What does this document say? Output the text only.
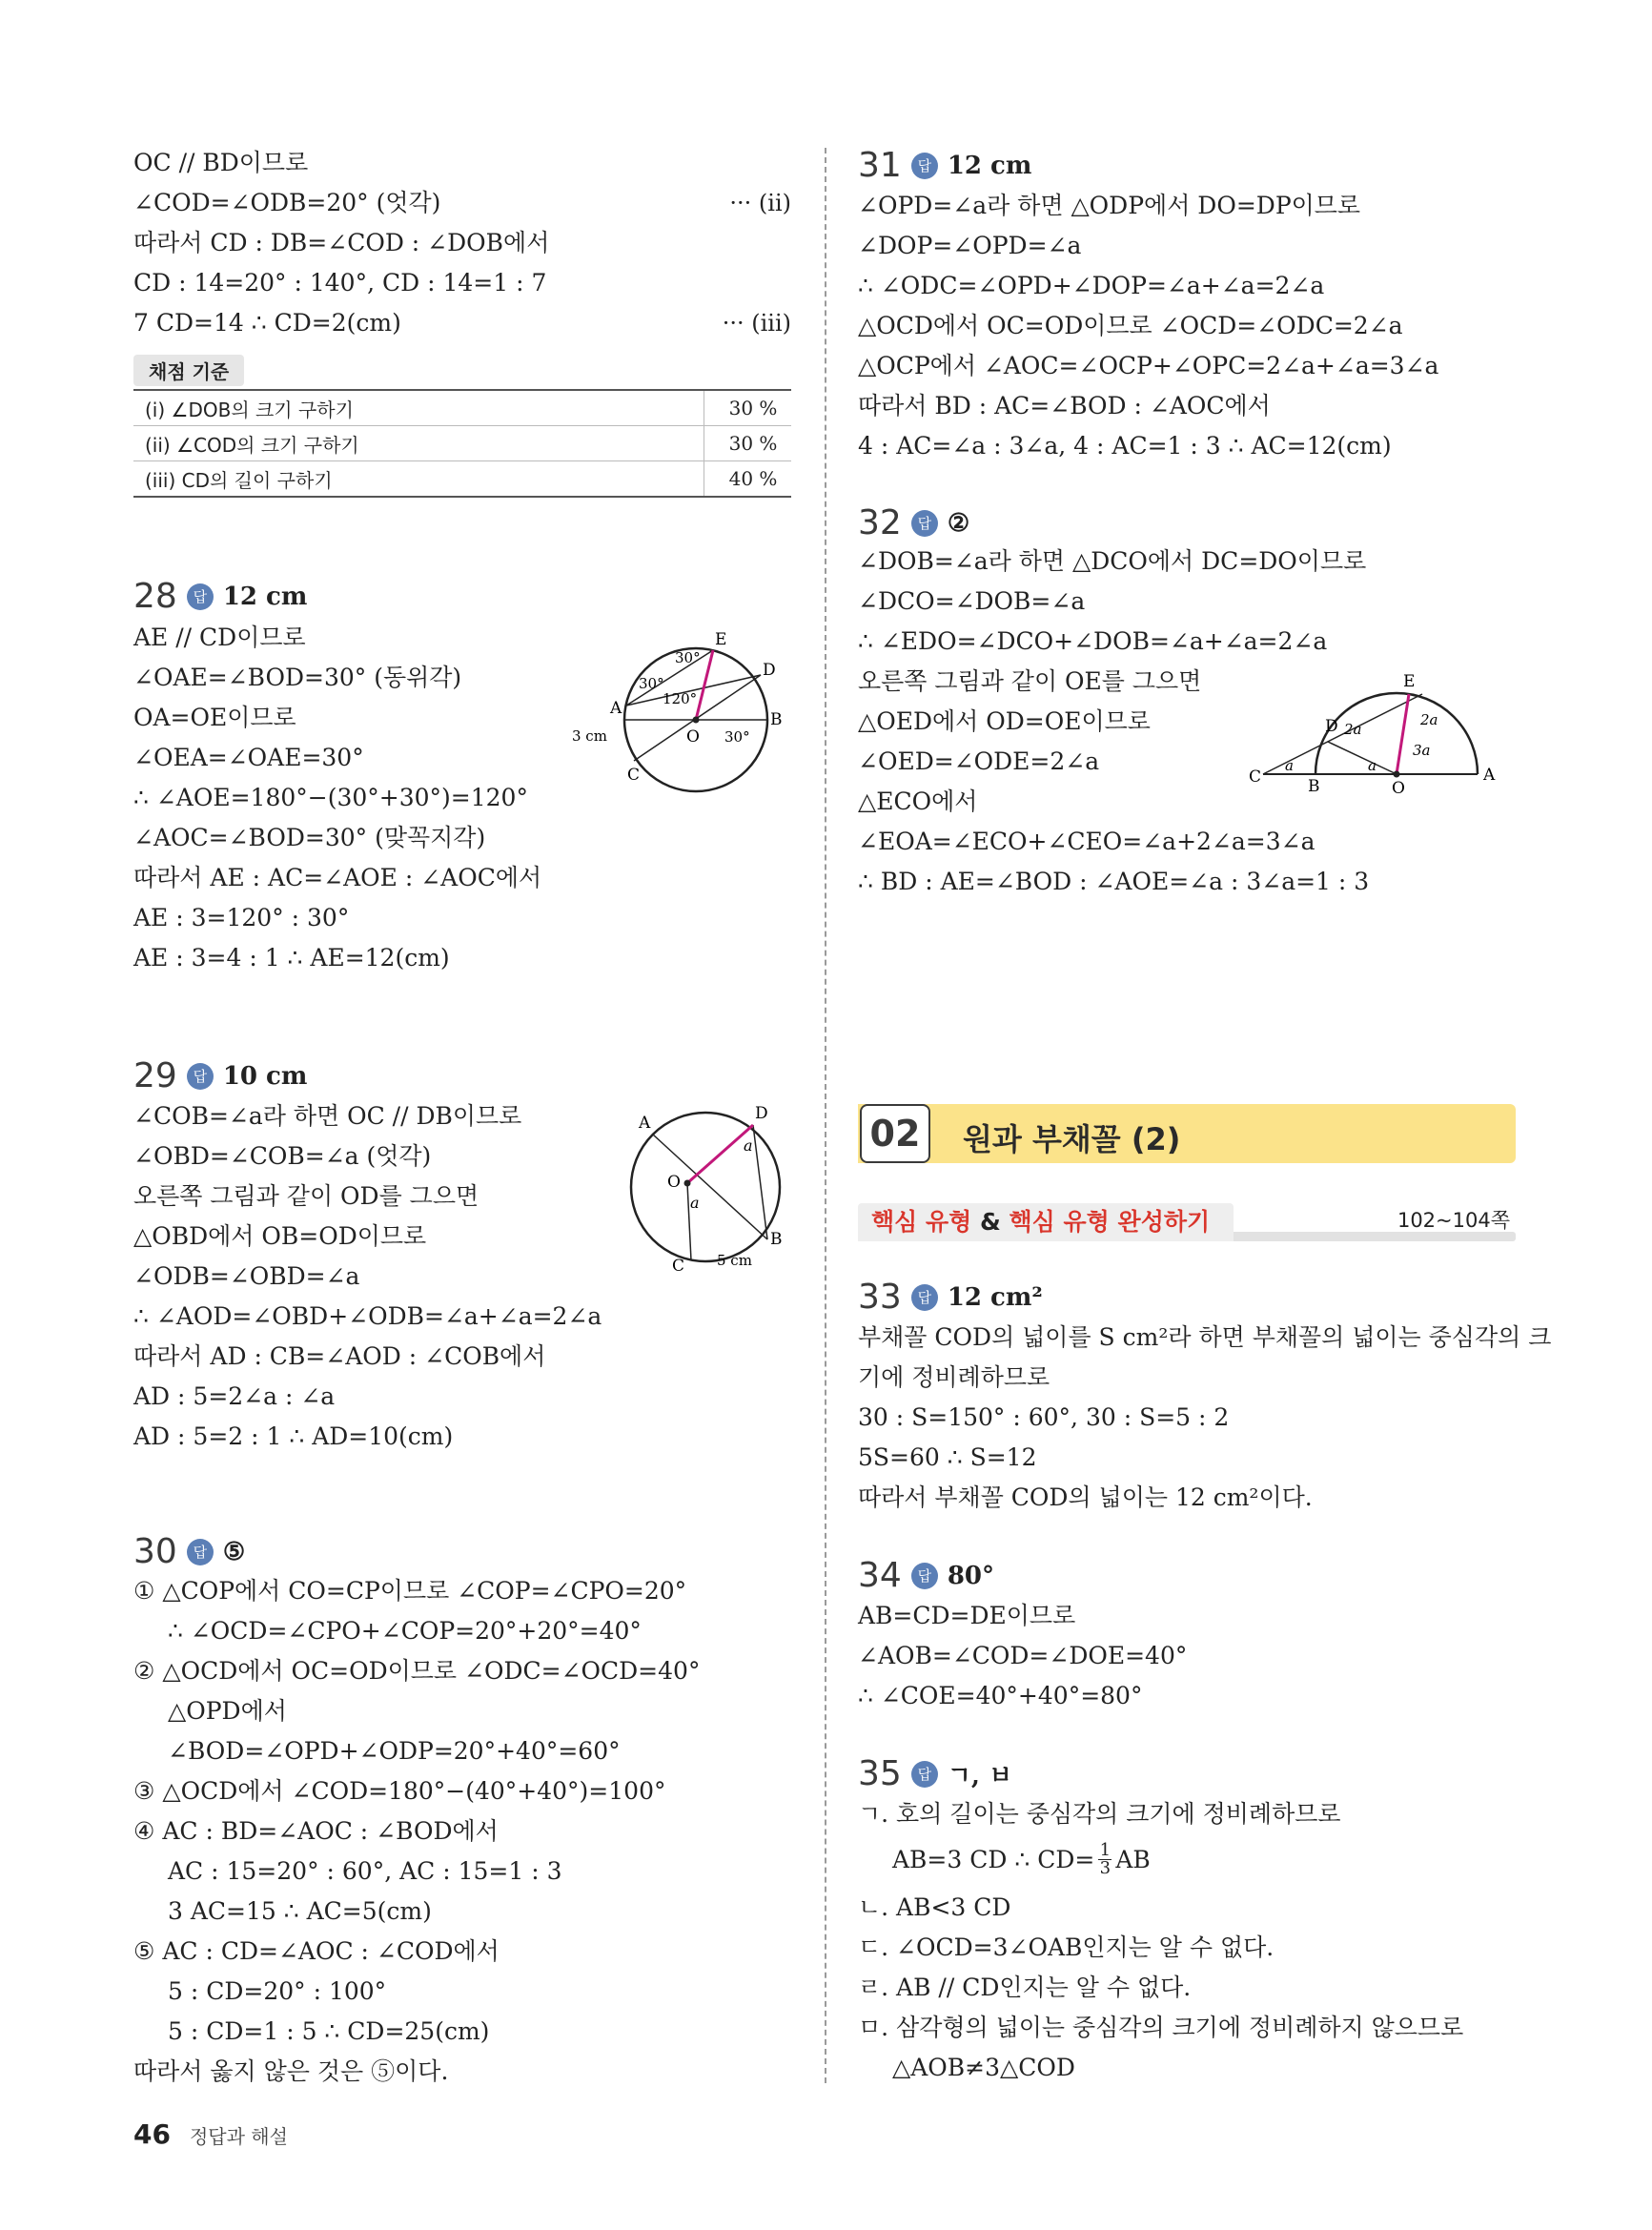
OC // BD이므로
∠COD=∠ODB=20° (엇각)	··· (ii)
따라서 CD : DB=∠COD : ∠DOB에서
CD : 14=20° : 140°, CD : 14=1 : 7
7 CD=14 ∴ CD=2(cm)	··· (iii)
채점 기준
(i) ∠DOB의 크기 구하기	30 %
(ii) ∠COD의 크기 구하기	30 %
(iii) CD의 길이 구하기	40 %
28	답 12 cm
AE // CD이므로
∠OAE=∠BOD=30° (동위각)
OA=OE이므로
∠OEA=∠OAE=30°
∴ ∠AOE=180°−(30°+30°)=120°
∠AOC=∠BOD=30° (맞꼭지각)
따라서 AE : AC=∠AOE : ∠AOC에서
AE : 3=120° : 30°
AE : 3=4 : 1 ∴ AE=12(cm)
E
D
A
B
O
C
30°
30°
120°
30°
3 cm
29	답 10 cm
∠COB=∠a라 하면 OC // DB이므로
∠OBD=∠COB=∠a (엇각)
오른쪽 그림과 같이 OD를 그으면
△OBD에서 OB=OD이므로
∠ODB=∠OBD=∠a
∴ ∠AOD=∠OBD+∠ODB=∠a+∠a=2∠a
따라서 AD : CB=∠AOD : ∠COB에서
AD : 5=2∠a : ∠a
AD : 5=2 : 1 ∴ AD=10(cm)
A	D
O
B
C
a
a
5 cm
30	답 ⑤
① △COP에서 CO=CP이므로 ∠COP=∠CPO=20°
∴ ∠OCD=∠CPO+∠COP=20°+20°=40°
② △OCD에서 OC=OD이므로 ∠ODC=∠OCD=40°
△OPD에서
∠BOD=∠OPD+∠ODP=20°+40°=60°
③ △OCD에서 ∠COD=180°−(40°+40°)=100°
④ AC : BD=∠AOC : ∠BOD에서
AC : 15=20° : 60°, AC : 15=1 : 3
3 AC=15 ∴ AC=5(cm)
⑤ AC : CD=∠AOC : ∠COD에서
5 : CD=20° : 100°
5 : CD=1 : 5 ∴ CD=25(cm)
따라서 옳지 않은 것은 ⑤이다.
31	답 12 cm
∠OPD=∠a라 하면 △ODP에서 DO=DP이므로
∠DOP=∠OPD=∠a
∴ ∠ODC=∠OPD+∠DOP=∠a+∠a=2∠a
△OCD에서 OC=OD이므로 ∠OCD=∠ODC=2∠a
△OCP에서 ∠AOC=∠OCP+∠OPC=2∠a+∠a=3∠a
따라서 BD : AC=∠BOD : ∠AOC에서
4 : AC=∠a : 3∠a, 4 : AC=1 : 3 ∴ AC=12(cm)
32	답 ②
∠DOB=∠a라 하면 △DCO에서 DC=DO이므로
∠DCO=∠DOB=∠a
∴ ∠EDO=∠DCO+∠DOB=∠a+∠a=2∠a
오른쪽 그림과 같이 OE를 그으면
△OED에서 OD=OE이므로
∠OED=∠ODE=2∠a
△ECO에서
∠EOA=∠ECO+∠CEO=∠a+2∠a=3∠a
∴ BD : AE=∠BOD : ∠AOE=∠a : 3∠a=1 : 3
E
D
C	B	O
A
2a
2a
3a
a	a
02	원과 부채꼴 (2)
핵심 유형 & 핵심 유형 완성하기	102~104쪽
33	답 12 cm²
부채꼴 COD의 넓이를 S cm²라 하면 부채꼴의 넓이는 중심각의 크
기에 정비례하므로
30 : S=150° : 60°, 30 : S=5 : 2
5S=60 ∴ S=12
따라서 부채꼴 COD의 넓이는 12 cm²이다.
34	답 80°
AB=CD=DE이므로
∠AOB=∠COD=∠DOE=40°
∴ ∠COE=40°+40°=80°
35	답 ㄱ, ㅂ
ㄱ. 호의 길이는 중심각의 크기에 정비례하므로
AB=3 CD ∴ CD= 1
3 AB
ㄴ. AB<3 CD
ㄷ. ∠OCD=3∠OAB인지는 알 수 없다.
ㄹ. AB // CD인지는 알 수 없다.
ㅁ. 삼각형의 넓이는 중심각의 크기에 정비례하지 않으므로
△AOB≠3△COD
46 정답과 해설
